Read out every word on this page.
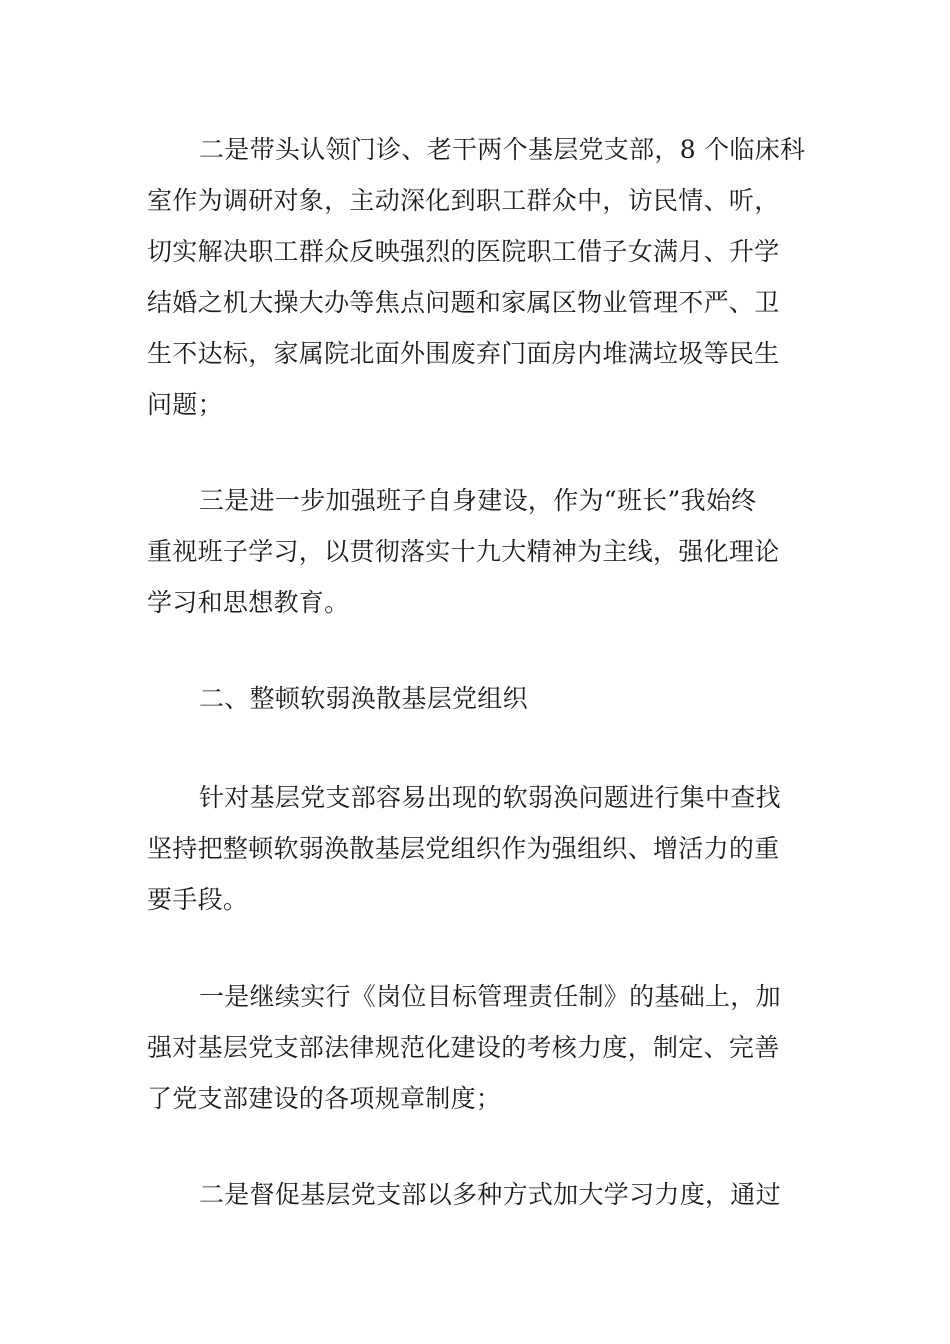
二是带头认领门诊、老干两个基层党支部，8 个临床科
室作为调研对象，主动深化到职工群众中，访民情、听，
切实解决职工群众反映强烈的医院职工借子女满月、升学
结婚之机大操大办等焦点问题和家属区物业管理不严、卫
生不达标，家属院北面外围废弃门面房内堆满垃圾等民生
问题；

三是进一步加强班子自身建设，作为“班长”我始终
重视班子学习，以贯彻落实十九大精神为主线，强化理论
学习和思想教育。

二、整顿软弱涣散基层党组织

针对基层党支部容易出现的软弱涣问题进行集中查找
坚持把整顿软弱涣散基层党组织作为强组织、增活力的重
要手段。

一是继续实行《岗位目标管理责任制》的基础上，加
强对基层党支部法律规范化建设的考核力度，制定、完善
了党支部建设的各项规章制度；

二是督促基层党支部以多种方式加大学习力度，通过
